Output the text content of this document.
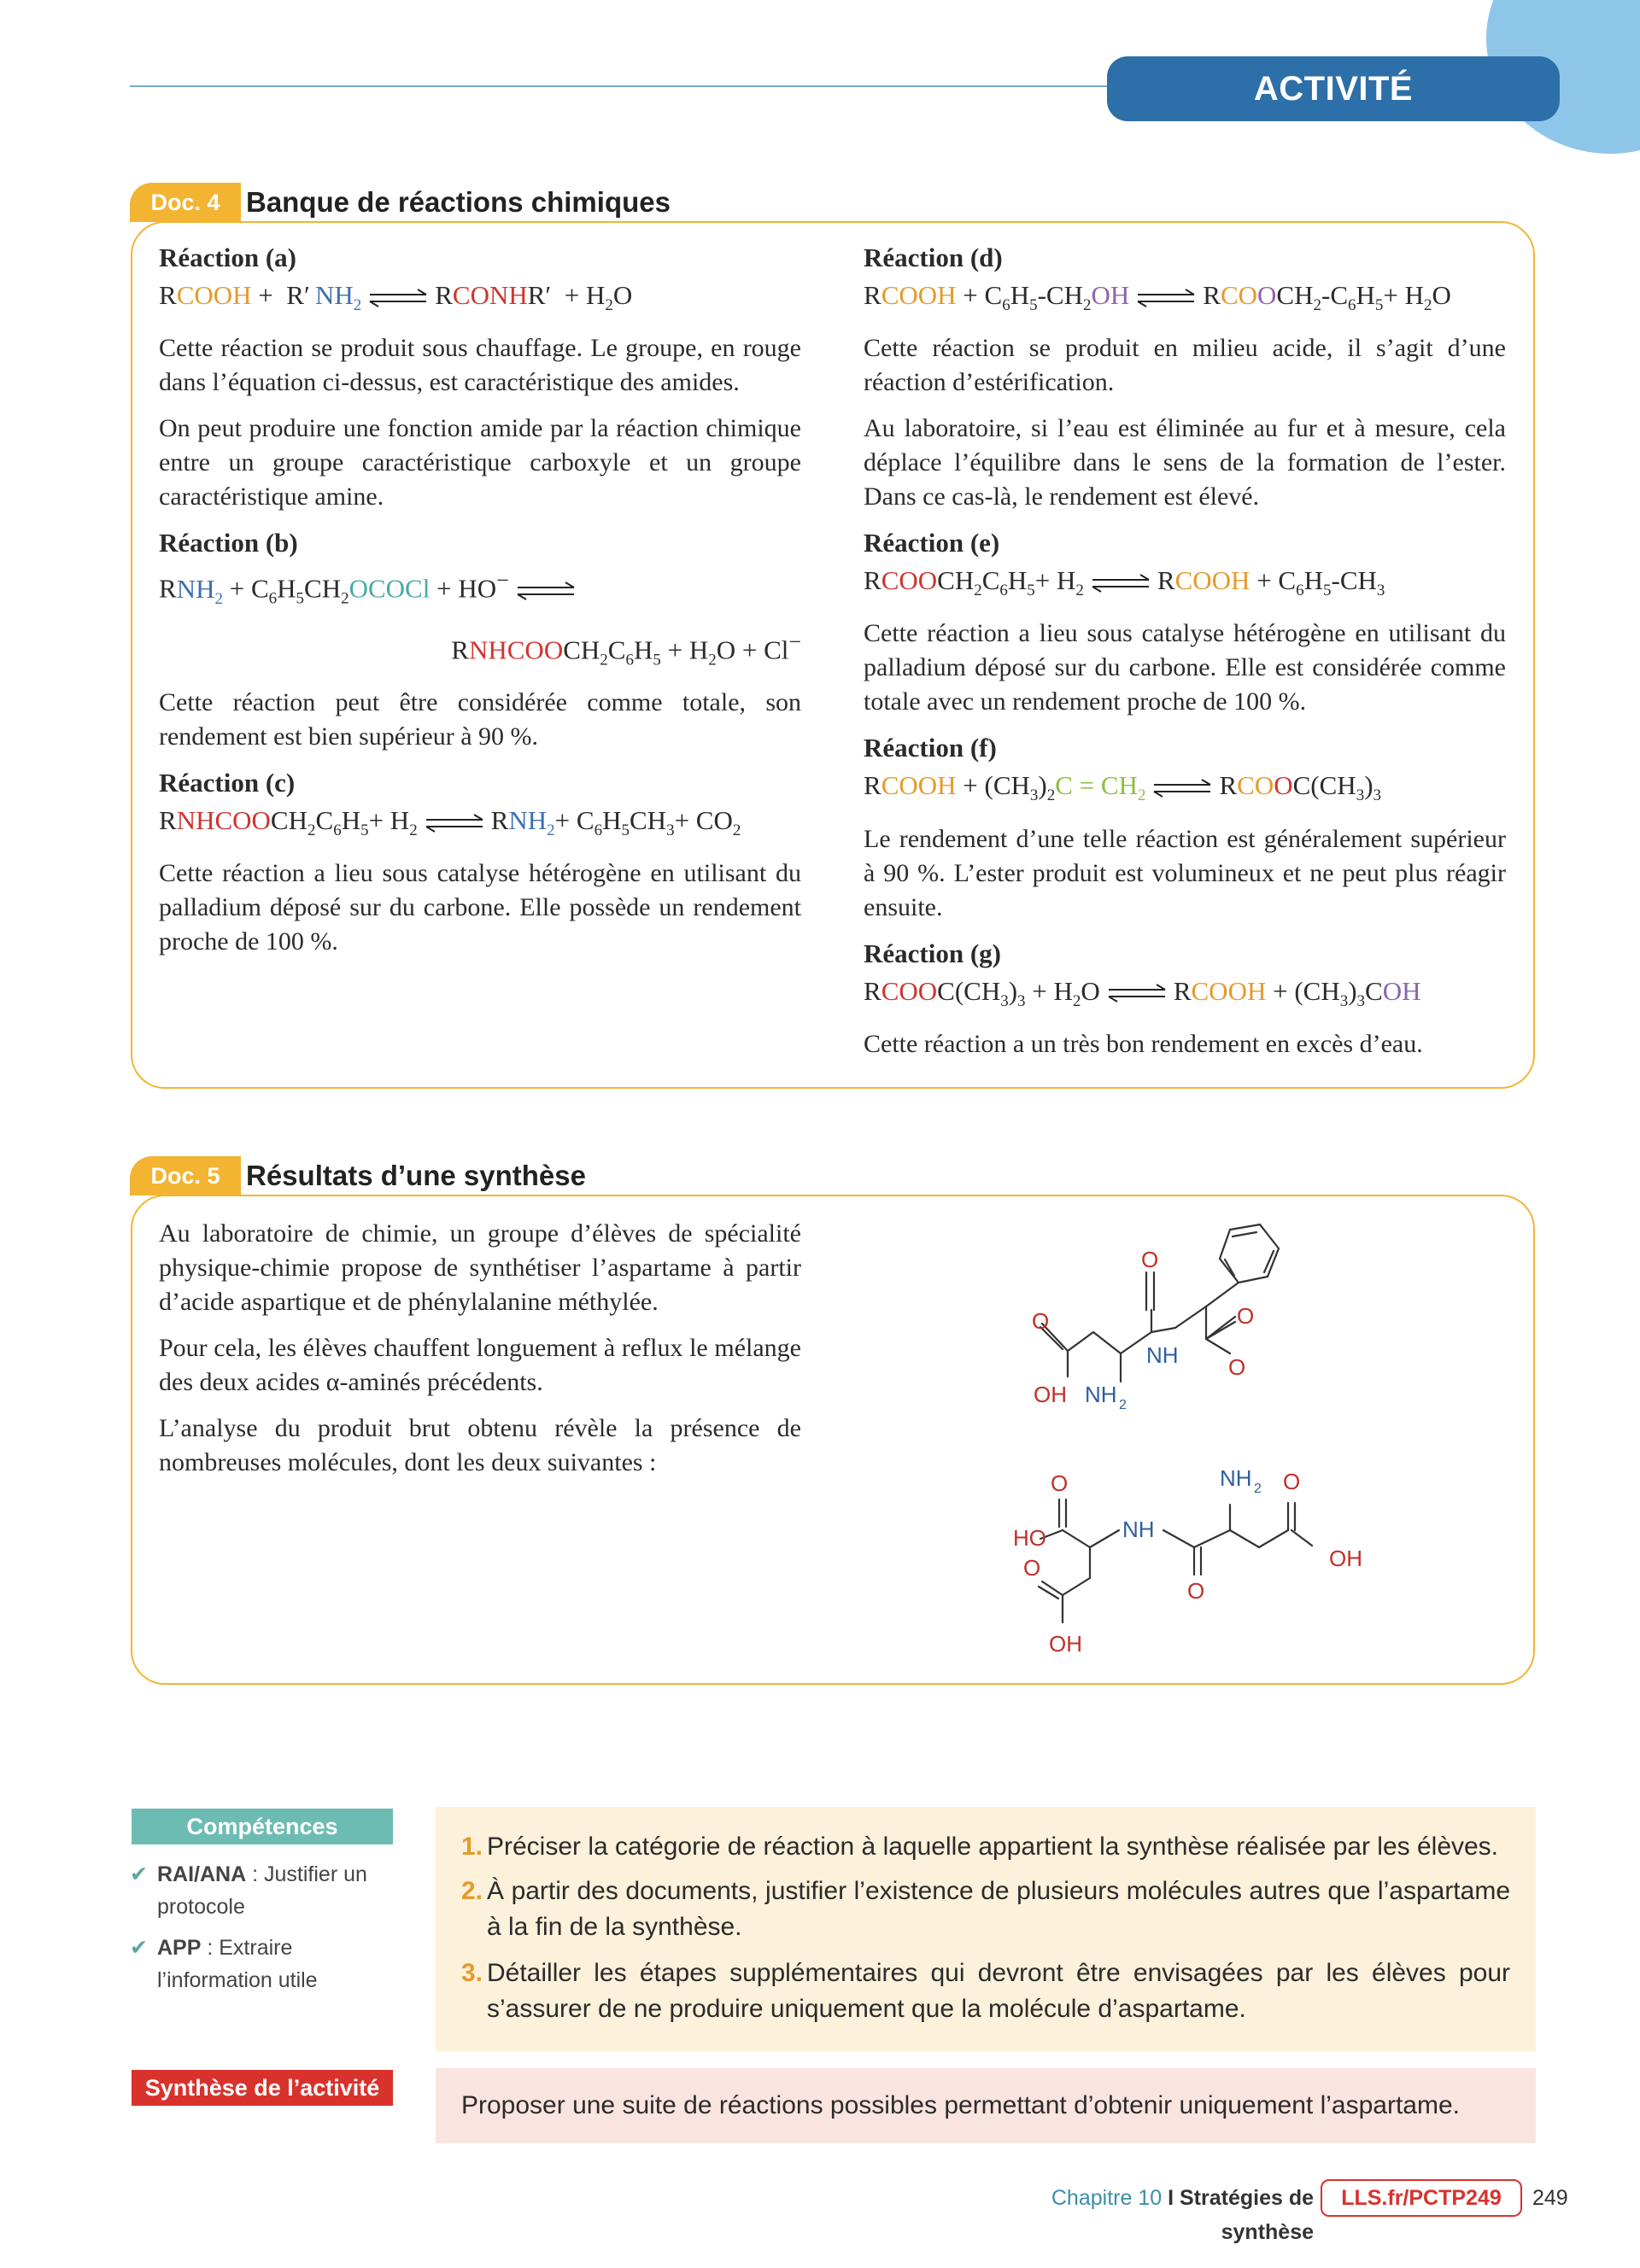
ACTIVITÉ D’EXPLORATION
Doc. 4 Banque de réactions chimiques
Réaction (a)
RCOOH +  R′ $NH_2$	RCONHR′  + $H_2O$

Cette réaction se produit sous chauffage. Le groupe, en rouge dans l’équation ci-dessus, est caractéristique des amides.

On peut produire une fonction amide par la réaction chimique entre un groupe caractéristique carboxyle et un groupe caractéristique amine.

Réaction (b)
$RNH_2$ + $C_6H_5CH_2OCOCl + HO^-$
$RNHCOOCH_2C_6H_5 + H_2O + Cl^-$

Cette réaction peut être considérée comme totale, son rendement est bien supérieur à 90 %.

Réaction (c)
$RNHCOOCH_2C_6H_5+ H_2$	$RNH_2+ C_6H_5CH_3+ CO_2$

Cette réaction a lieu sous catalyse hétérogène en utilisant du palladium déposé sur du carbone. Elle possède un rendement proche de 100 %.

Réaction (d)
RCOOH + $C_6H_5-CH_2OH$	$RCOOCH_2-C_6H_5+ H_2O$

Cette réaction se produit en milieu acide, il s’agit d’une réaction d’estérification.

Au laboratoire, si l’eau est éliminée au fur et à mesure, cela déplace l’équilibre dans le sens de la formation de l’ester. Dans ce cas-là, le rendement est élevé.

Réaction (e)
$RCOOCH_2C_6H_5+ H_2$	RCOOH + $C_6H_5-CH_3$

Cette réaction a lieu sous catalyse hétérogène en utilisant du palladium déposé sur du carbone. Elle est considérée comme totale avec un rendement proche de 100 %.

Réaction (f)
RCOOH + $(CH_3)_2C = CH_2$	$RCOOC(CH_3)_3$

Le rendement d’une telle réaction est généralement supérieur à 90 %. L’ester produit est volumineux et ne peut plus réagir ensuite.

Réaction (g)
$RCOOC(CH_3)_3 + H_2O$	RCOOH + $(CH_3)_3COH$

Cette réaction a un très bon rendement en excès d’eau.

Doc. 5 Résultats d’une synthèse

Au laboratoire de chimie, un groupe d’élèves de spécialité physique-chimie propose de synthétiser l’aspartame à partir d’acide aspartique et de phénylalanine méthylée.

Pour cela, les élèves chauffent longuement à reflux le mélange des deux acides α-aminés précédents.

L’analyse du produit brut obtenu révèle la présence de nombreuses molécules, dont les deux suivantes :

O
O
O
O
OH NH 2
NH
O
HO
O
OH
NH
O
NH 2 O
OH
Compétences
✔ RAI/ANA : Justifier un protocole
✔ APP : Extraire l’information utile
1. Préciser la catégorie de réaction à laquelle appartient la synthèse réalisée par les élèves.
2. À partir des documents, justifier l’existence de plusieurs molécules autres que l’aspartame à la fin de la synthèse.
3. Détailler les étapes supplémentaires qui devront être envisagées par les élèves pour s’assurer de ne produire uniquement que la molécule d’aspartame.
Synthèse de l’activité
Proposer une suite de réactions possibles permettant d’obtenir uniquement l’aspartame.
Chapitre 10 I Stratégies de synthèse
LLS.fr/PCTP249	249
